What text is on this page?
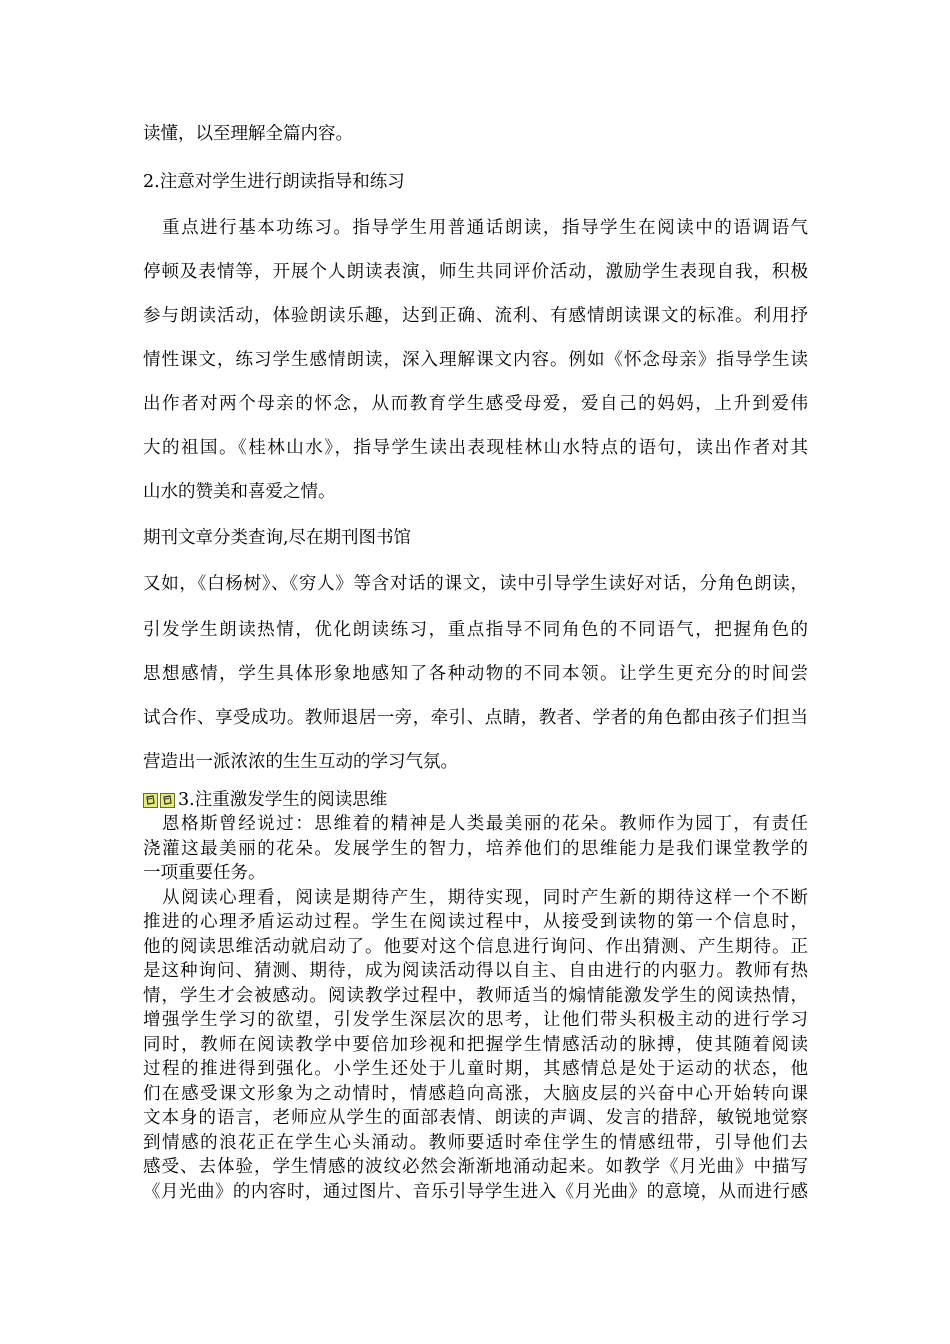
读懂，以至理解全篇内容。

2.注意对学生进行朗读指导和练习

　重点进行基本功练习。指导学生用普通话朗读，指导学生在阅读中的语调语气

停顿及表情等，开展个人朗读表演，师生共同评价活动，激励学生表现自我，积极

参与朗读活动，体验朗读乐趣，达到正确、流利、有感情朗读课文的标准。利用抒

情性课文，练习学生感情朗读，深入理解课文内容。例如《怀念母亲》指导学生读

出作者对两个母亲的怀念，从而教育学生感受母爱，爱自己的妈妈，上升到爱伟

大的祖国。《桂林山水》，指导学生读出表现桂林山水特点的语句，读出作者对其

山水的赞美和喜爱之情。

期刊文章分类查询,尽在期刊图书馆

又如，《白杨树》、《穷人》等含对话的课文，读中引导学生读好对话，分角色朗读，

引发学生朗读热情，优化朗读练习，重点指导不同角色的不同语气，把握角色的

思想感情，学生具体形象地感知了各种动物的不同本领。让学生更充分的时间尝

试合作、享受成功。教师退居一旁，牵引、点睛，教者、学者的角色都由孩子们担当

营造出一派浓浓的生生互动的学习气氛。

3.注重激发学生的阅读思维

　恩格斯曾经说过：思维着的精神是人类最美丽的花朵。教师作为园丁，有责任

浇灌这最美丽的花朵。发展学生的智力，培养他们的思维能力是我们课堂教学的

一项重要任务。

　从阅读心理看，阅读是期待产生，期待实现，同时产生新的期待这样一个不断

推进的心理矛盾运动过程。学生在阅读过程中，从接受到读物的第一个信息时，

他的阅读思维活动就启动了。他要对这个信息进行询问、作出猜测、产生期待。正

是这种询问、猜测、期待，成为阅读活动得以自主、自由进行的内驱力。教师有热

情，学生才会被感动。阅读教学过程中，教师适当的煽情能激发学生的阅读热情，

增强学生学习的欲望，引发学生深层次的思考，让他们带头积极主动的进行学习

同时，教师在阅读教学中要倍加珍视和把握学生情感活动的脉搏，使其随着阅读

过程的推进得到强化。小学生还处于儿童时期，其感情总是处于运动的状态，他

们在感受课文形象为之动情时，情感趋向高涨，大脑皮层的兴奋中心开始转向课

文本身的语言，老师应从学生的面部表情、朗读的声调、发言的措辞，敏锐地觉察

到情感的浪花正在学生心头涌动。教师要适时牵住学生的情感纽带，引导他们去

感受、去体验，学生情感的波纹必然会渐渐地涌动起来。如教学《月光曲》中描写

《月光曲》的内容时，通过图片、音乐引导学生进入《月光曲》的意境，从而进行感
